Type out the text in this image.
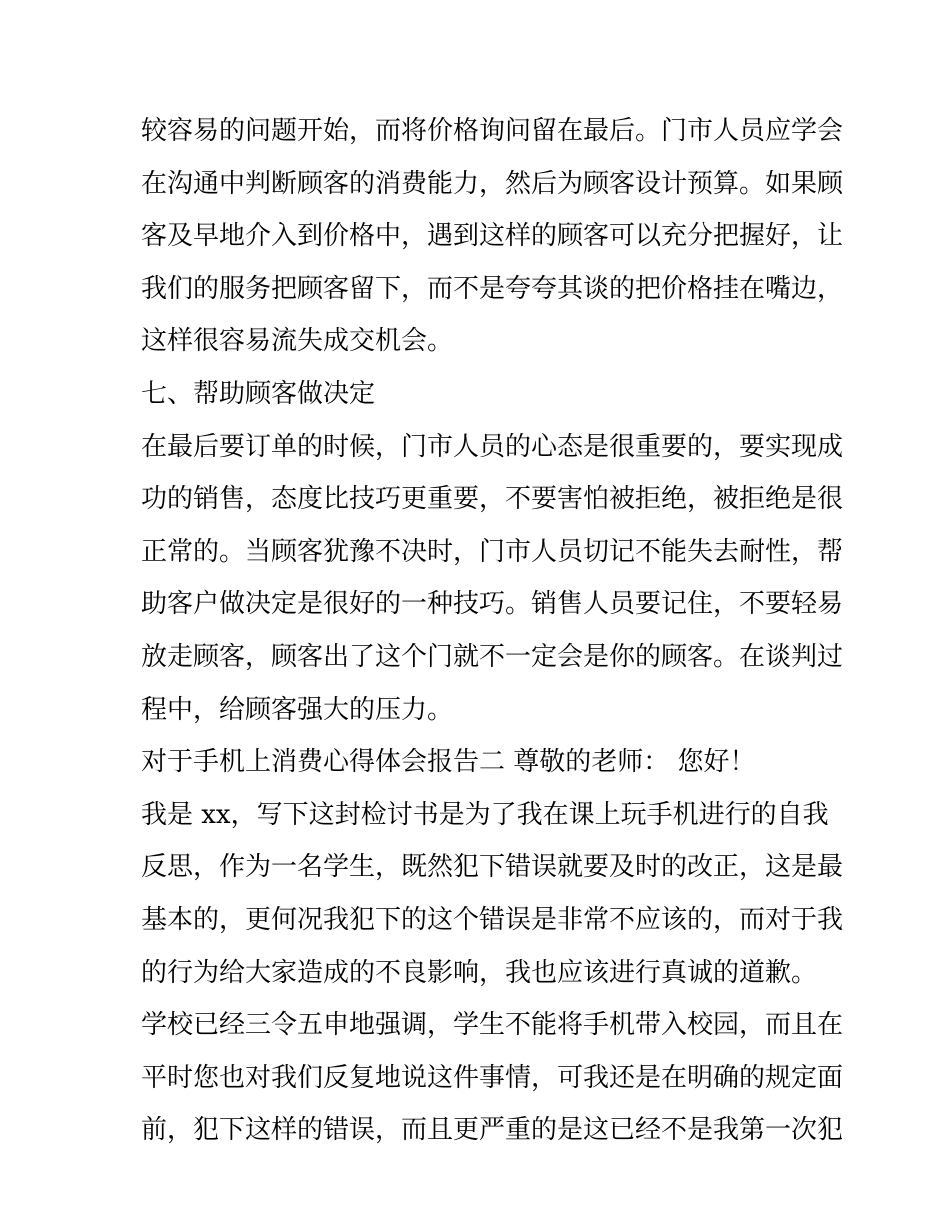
较容易的问题开始，而将价格询问留在最后。门市人员应学会
在沟通中判断顾客的消费能力，然后为顾客设计预算。如果顾
客及早地介入到价格中，遇到这样的顾客可以充分把握好，让
我们的服务把顾客留下，而不是夸夸其谈的把价格挂在嘴边，
这样很容易流失成交机会。
七、帮助顾客做决定
在最后要订单的时候，门市人员的心态是很重要的，要实现成
功的销售，态度比技巧更重要，不要害怕被拒绝，被拒绝是很
正常的。当顾客犹豫不决时，门市人员切记不能失去耐性，帮
助客户做决定是很好的一种技巧。销售人员要记住，不要轻易
放走顾客，顾客出了这个门就不一定会是你的顾客。在谈判过
程中，给顾客强大的压力。
对于手机上消费心得体会报告二 尊敬的老师： 您好！
我是 xx，写下这封检讨书是为了我在课上玩手机进行的自我
反思，作为一名学生，既然犯下错误就要及时的改正，这是最
基本的，更何况我犯下的这个错误是非常不应该的，而对于我
的行为给大家造成的不良影响，我也应该进行真诚的道歉。
学校已经三令五申地强调，学生不能将手机带入校园，而且在
平时您也对我们反复地说这件事情，可我还是在明确的规定面
前，犯下这样的错误，而且更严重的是这已经不是我第一次犯
